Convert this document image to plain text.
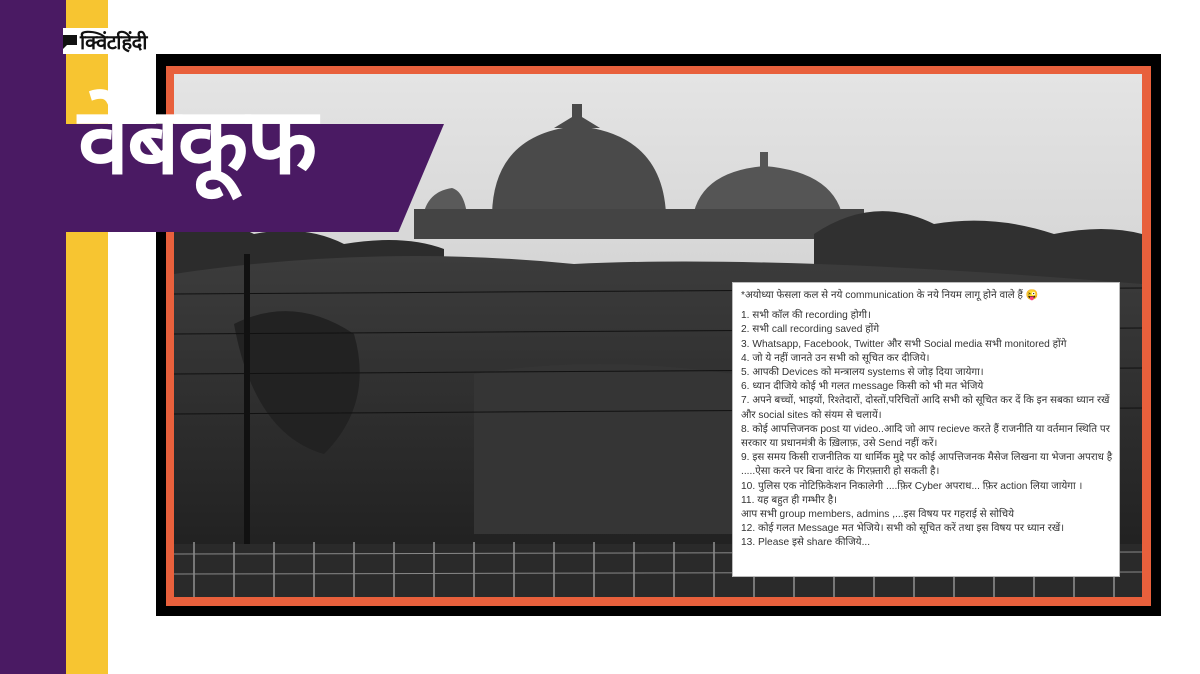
क्विंटहिंदी
वेबकूफ

*अयोध्या फेसला कल से नये communication के नये नियम लागू होने वाले हैं 😜

1. सभी कॉल की recording होगी।

2. सभी call recording saved होंगे

3. Whatsapp, Facebook, Twitter और सभी Social media सभी monitored होंगे

4. जो ये नहीं जानते उन सभी को सूचित कर दीजिये।

5. आपकी Devices को मन्त्रालय systems से जोड़ दिया जायेगा।

6. ध्यान दीजिये कोई भी गलत message किसी को भी मत भेजिये

7. अपने बच्चों, भाइयों, रिश्तेदारों, दोस्तों,परिचितों आदि सभी को सूचित कर दें कि इन सबका ध्यान रखें और social sites को संयम से चलायें।

8. कोई आपत्तिजनक post या video..आदि जो आप recieve करते हैं राजनीति या वर्तमान स्थिति पर सरकार या प्रधानमंत्री के ख़िलाफ़, उसे Send नहीं करें।

9. इस समय किसी राजनीतिक या धार्मिक मुद्दे पर कोई आपत्तिजनक मैसेज लिखना या भेजना अपराध है .....ऐसा करने पर बिना वारंट के गिरफ़्तारी हो सकती है।

10. पुलिस एक नोटिफ़िकेशन निकालेगी ....फ़िर Cyber अपराध... फ़िर action लिया जायेगा ।

11. यह बहुत ही गम्भीर है।

आप सभी group members, admins ,...इस विषय पर गहराई से सोचिये

12. कोई गलत Message मत भेजिये। सभी को सूचित करें तथा इस विषय पर ध्यान रखें।

13. Please इसे share कीजिये...
